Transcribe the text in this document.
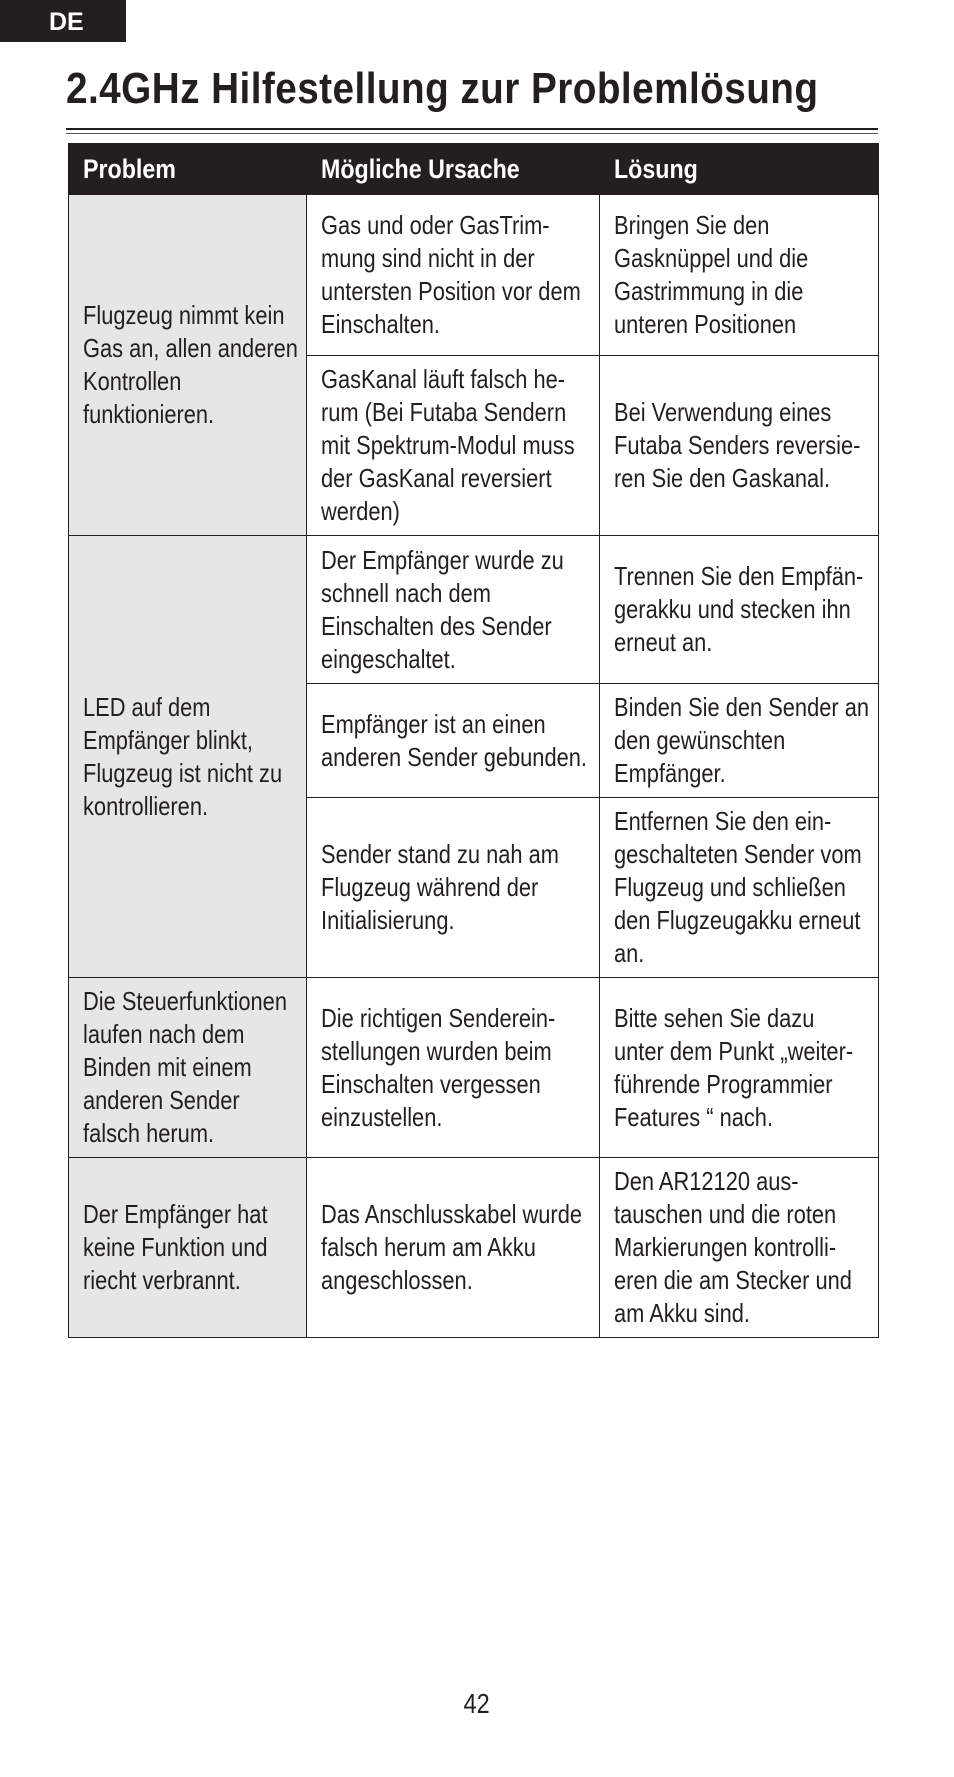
DE
2.4GHz Hilfestellung zur Problemlösung
Problem	Mögliche Ursache	Lösung

Flugzeug nimmt kein Gas an, allen anderen Kontrollen funktionieren.	Gas und oder GasTrim-mung sind nicht in der untersten Position vor dem Einschalten.	Bringen Sie den Gasknüppel und die Gastrimmung in die unteren Positionen

	GasKanal läuft falsch he-rum (Bei Futaba Sendern mit Spektrum-Modul muss der GasKanal reversiert werden)	Bei Verwendung eines Futaba Senders reversie-ren Sie den Gaskanal.

LED auf dem Empfänger blinkt, Flugzeug ist nicht zu kontrollieren.	Der Empfänger wurde zu schnell nach dem Einschalten des Sender eingeschaltet.	Trennen Sie den Empfän-gerakku und stecken ihn erneut an.

	Empfänger ist an einen anderen Sender gebunden.	Binden Sie den Sender an den gewünschten Empfänger.

	Sender stand zu nah am Flugzeug während der Initialisierung.	Entfernen Sie den ein-geschalteten Sender vom Flugzeug und schließen den Flugzeugakku erneut an.

Die Steuerfunktionen laufen nach dem Binden mit einem anderen Sender falsch herum.	Die richtigen Senderein-stellungen wurden beim Einschalten vergessen einzustellen.	Bitte sehen Sie dazu unter dem Punkt „weiter-führende Programmier Features “ nach.

Der Empfänger hat keine Funktion und riecht verbrannt.	Das Anschlusskabel wurde falsch herum am Akku angeschlossen.	Den AR12120 aus-tauschen und die roten Markierungen kontrolli-eren die am Stecker und am Akku sind.
42
